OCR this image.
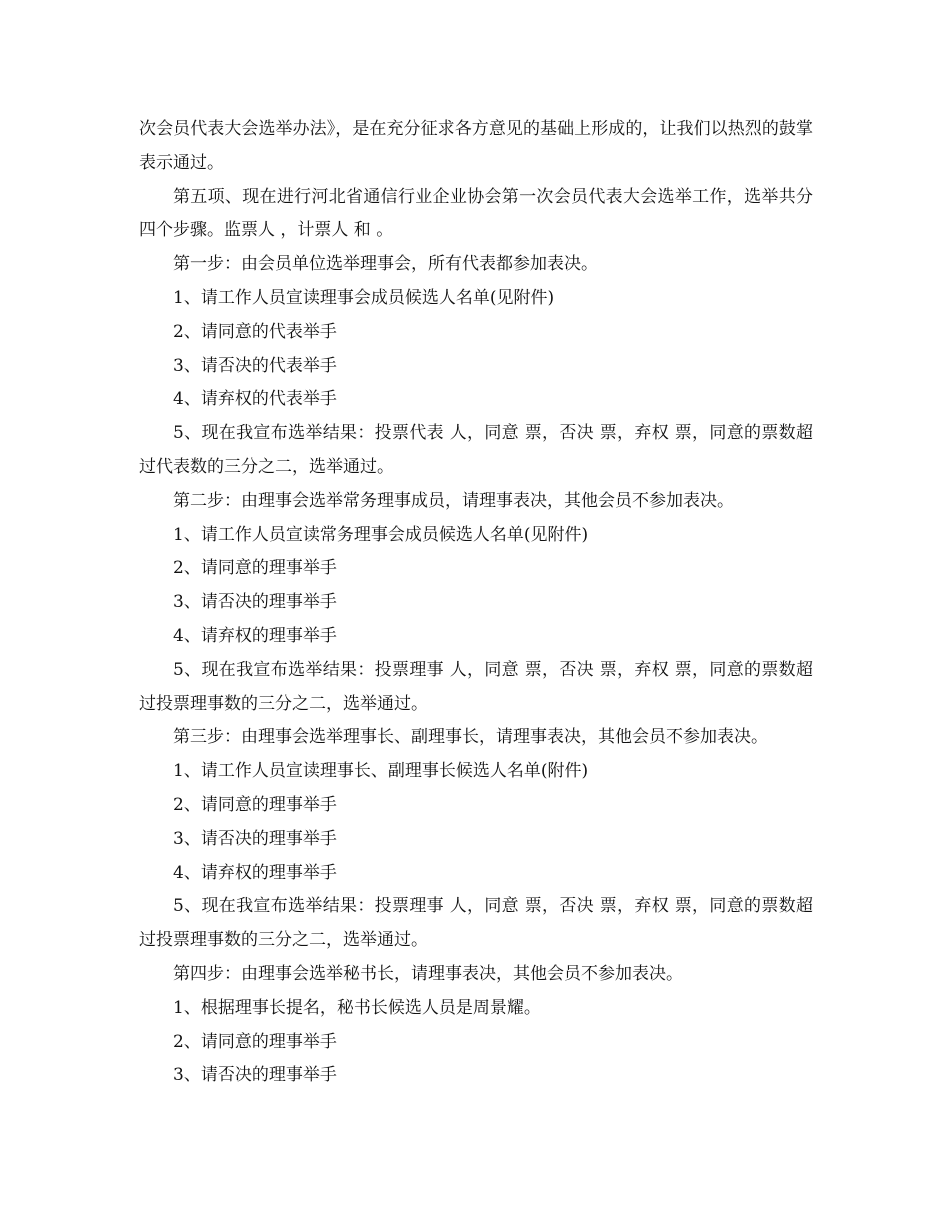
次会员代表大会选举办法》，是在充分征求各方意见的基础上形成的，让我们以热烈的鼓掌表示通过。

第五项、现在进行河北省通信行业企业协会第一次会员代表大会选举工作，选举共分四个步骤。监票人 ，计票人 和 。

第一步：由会员单位选举理事会，所有代表都参加表决。

1、请工作人员宣读理事会成员候选人名单(见附件)

2、请同意的代表举手

3、请否决的代表举手

4、请弃权的代表举手

5、现在我宣布选举结果：投票代表 人，同意 票，否决 票，弃权 票，同意的票数超过代表数的三分之二，选举通过。

第二步：由理事会选举常务理事成员，请理事表决，其他会员不参加表决。

1、请工作人员宣读常务理事会成员候选人名单(见附件)

2、请同意的理事举手

3、请否决的理事举手

4、请弃权的理事举手

5、现在我宣布选举结果：投票理事 人，同意 票，否决 票，弃权 票，同意的票数超过投票理事数的三分之二，选举通过。

第三步：由理事会选举理事长、副理事长，请理事表决，其他会员不参加表决。

1、请工作人员宣读理事长、副理事长候选人名单(附件)

2、请同意的理事举手

3、请否决的理事举手

4、请弃权的理事举手

5、现在我宣布选举结果：投票理事 人，同意 票，否决 票，弃权 票，同意的票数超过投票理事数的三分之二，选举通过。

第四步：由理事会选举秘书长，请理事表决，其他会员不参加表决。

1、根据理事长提名，秘书长候选人员是周景耀。

2、请同意的理事举手

3、请否决的理事举手
